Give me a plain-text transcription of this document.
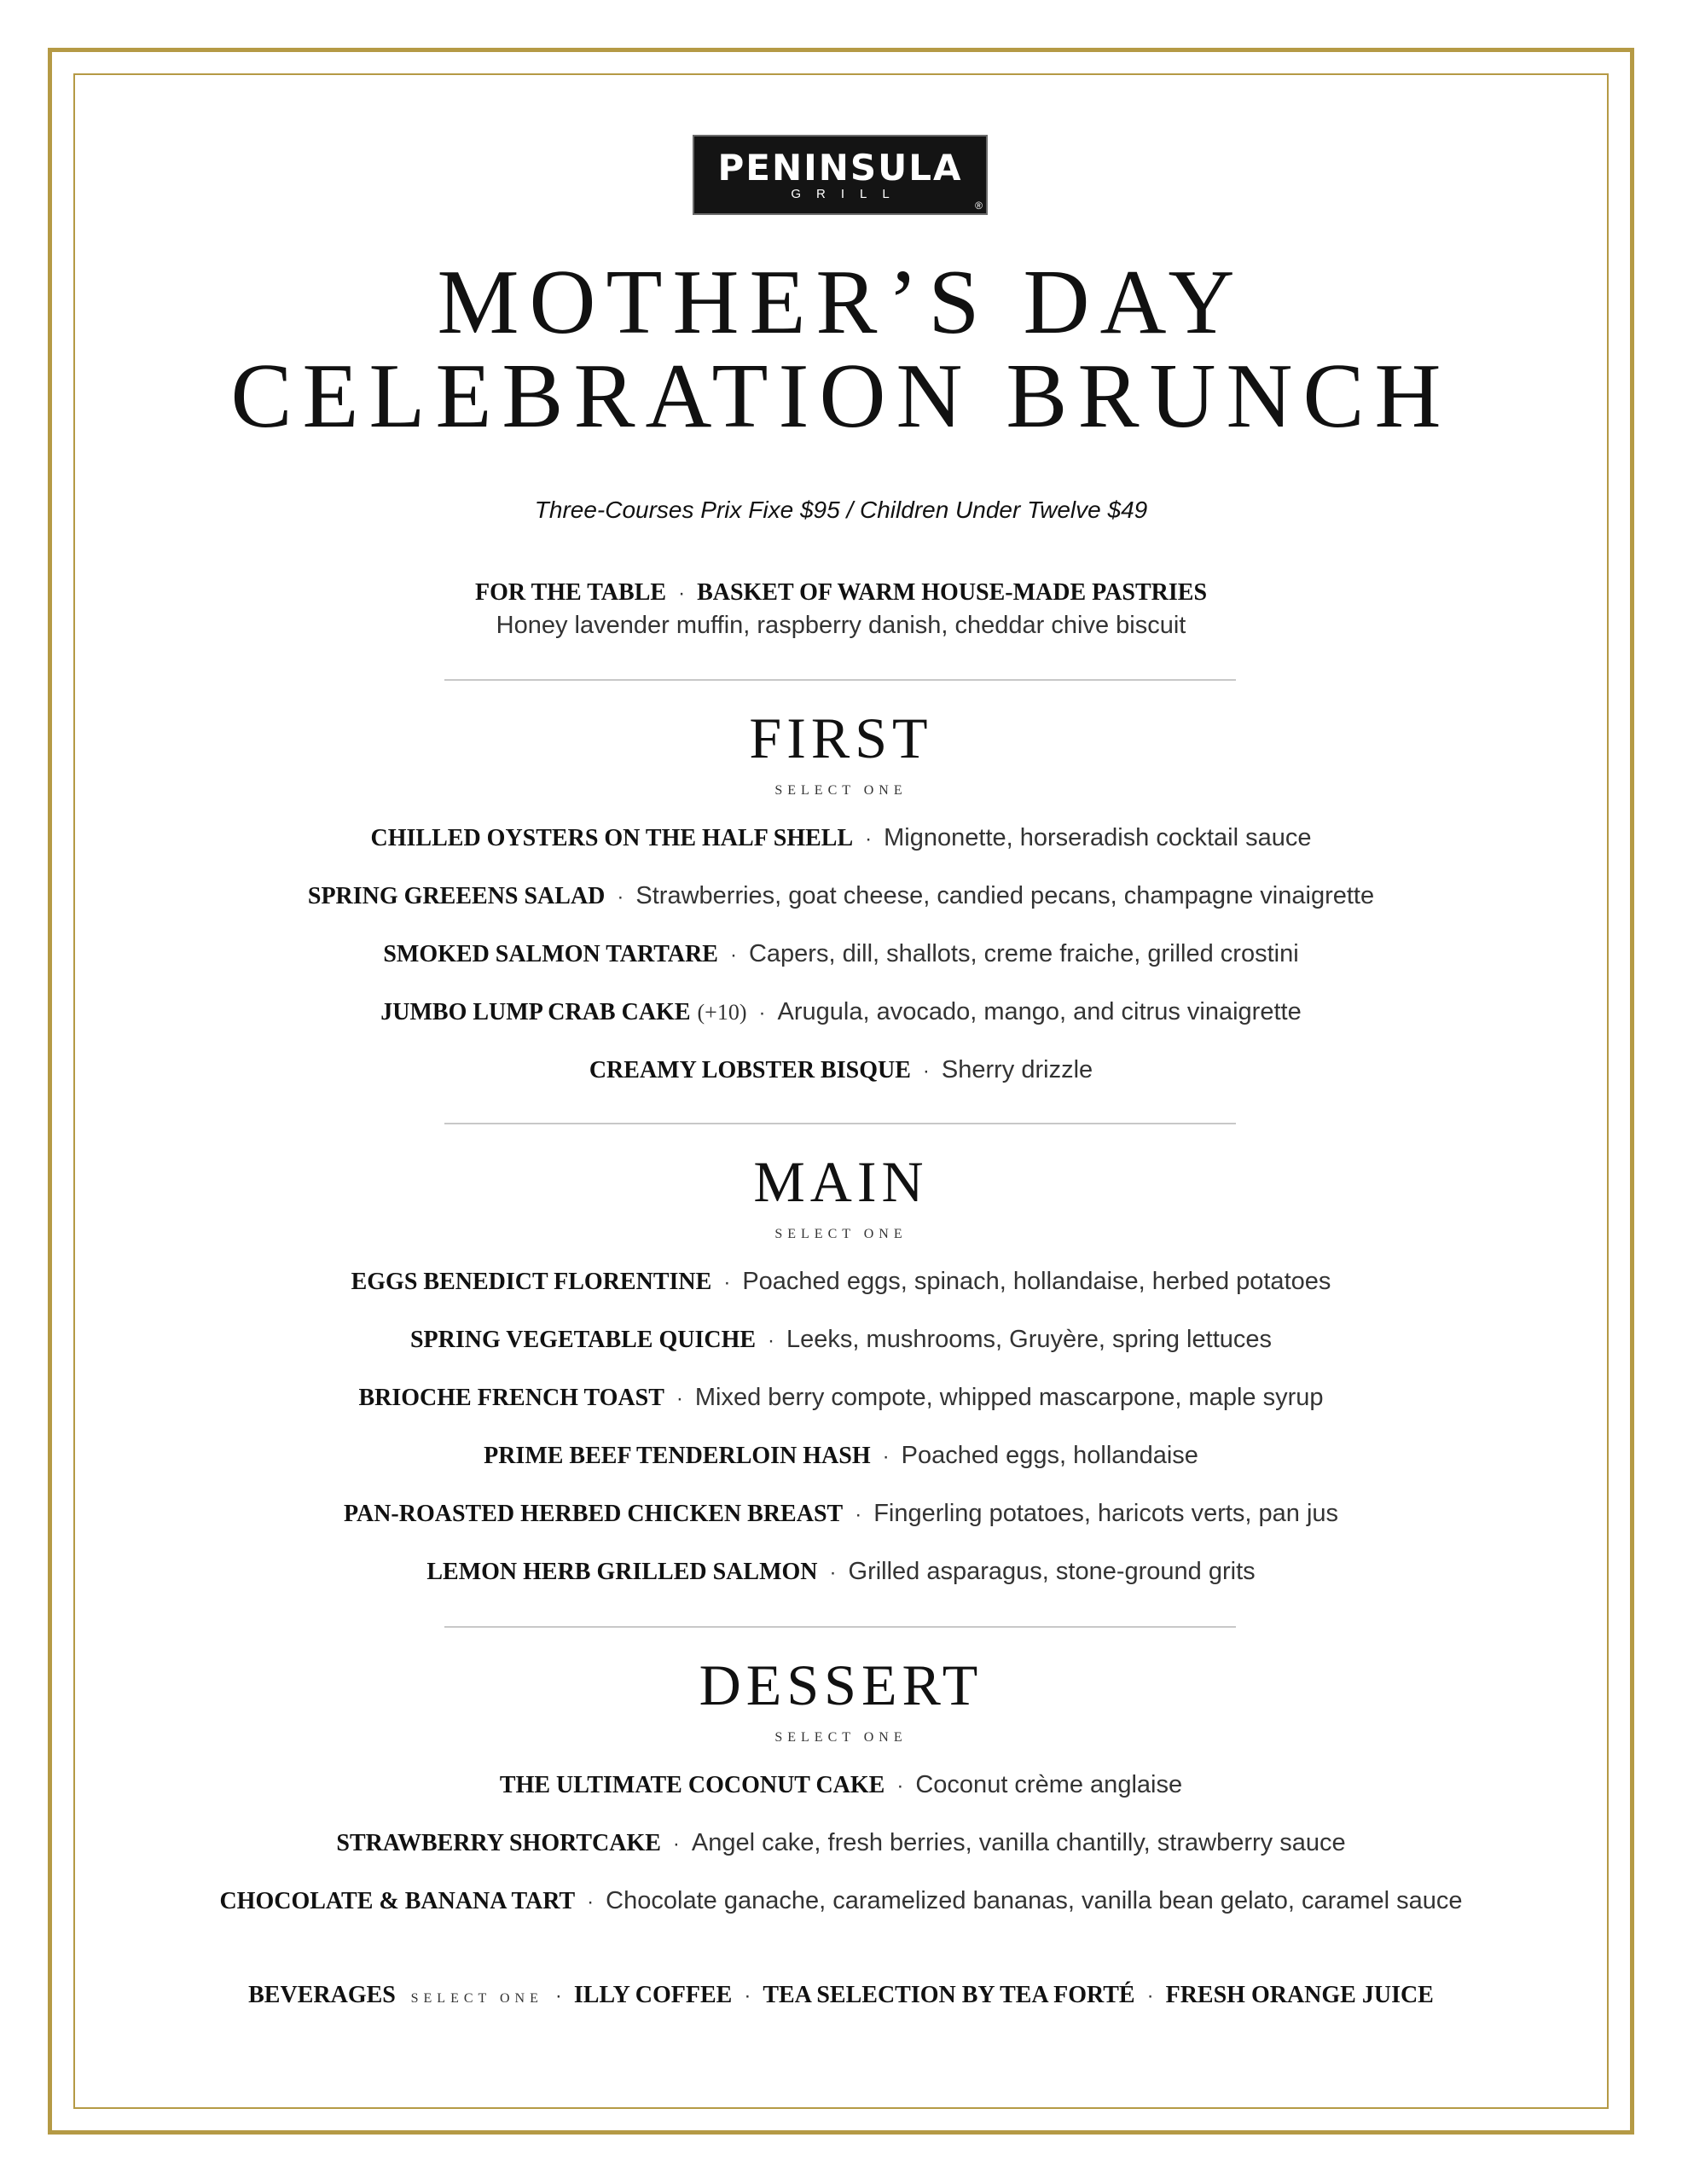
PENINSULA
GRILL
®
MOTHER’S DAY
CELEBRATION BRUNCH
Three-Courses Prix Fixe $95 / Children Under Twelve $49
FOR THE TABLE · BASKET OF WARM HOUSE-MADE PASTRIES
Honey lavender muffin, raspberry danish, cheddar chive biscuit
FIRST
SELECT ONE
CHILLED OYSTERS ON THE HALF SHELL · Mignonette, horseradish cocktail sauce
SPRING GREEENS SALAD · Strawberries, goat cheese, candied pecans, champagne vinaigrette
SMOKED SALMON TARTARE · Capers, dill, shallots, creme fraiche, grilled crostini
JUMBO LUMP CRAB CAKE (+10) · Arugula, avocado, mango, and citrus vinaigrette
CREAMY LOBSTER BISQUE · Sherry drizzle
MAIN
SELECT ONE
EGGS BENEDICT FLORENTINE · Poached eggs, spinach, hollandaise, herbed potatoes
SPRING VEGETABLE QUICHE · Leeks, mushrooms, Gruyère, spring lettuces
BRIOCHE FRENCH TOAST · Mixed berry compote, whipped mascarpone, maple syrup
PRIME BEEF TENDERLOIN HASH · Poached eggs, hollandaise
PAN-ROASTED HERBED CHICKEN BREAST · Fingerling potatoes, haricots verts, pan jus
LEMON HERB GRILLED SALMON · Grilled asparagus, stone-ground grits
DESSERT
SELECT ONE
THE ULTIMATE COCONUT CAKE · Coconut crème anglaise
STRAWBERRY SHORTCAKE · Angel cake, fresh berries, vanilla chantilly, strawberry sauce
CHOCOLATE & BANANA TART · Chocolate ganache, caramelized bananas, vanilla bean gelato, caramel sauce
BEVERAGES SELECT ONE · ILLY COFFEE · TEA SELECTION BY TEA FORTÉ · FRESH ORANGE JUICE
